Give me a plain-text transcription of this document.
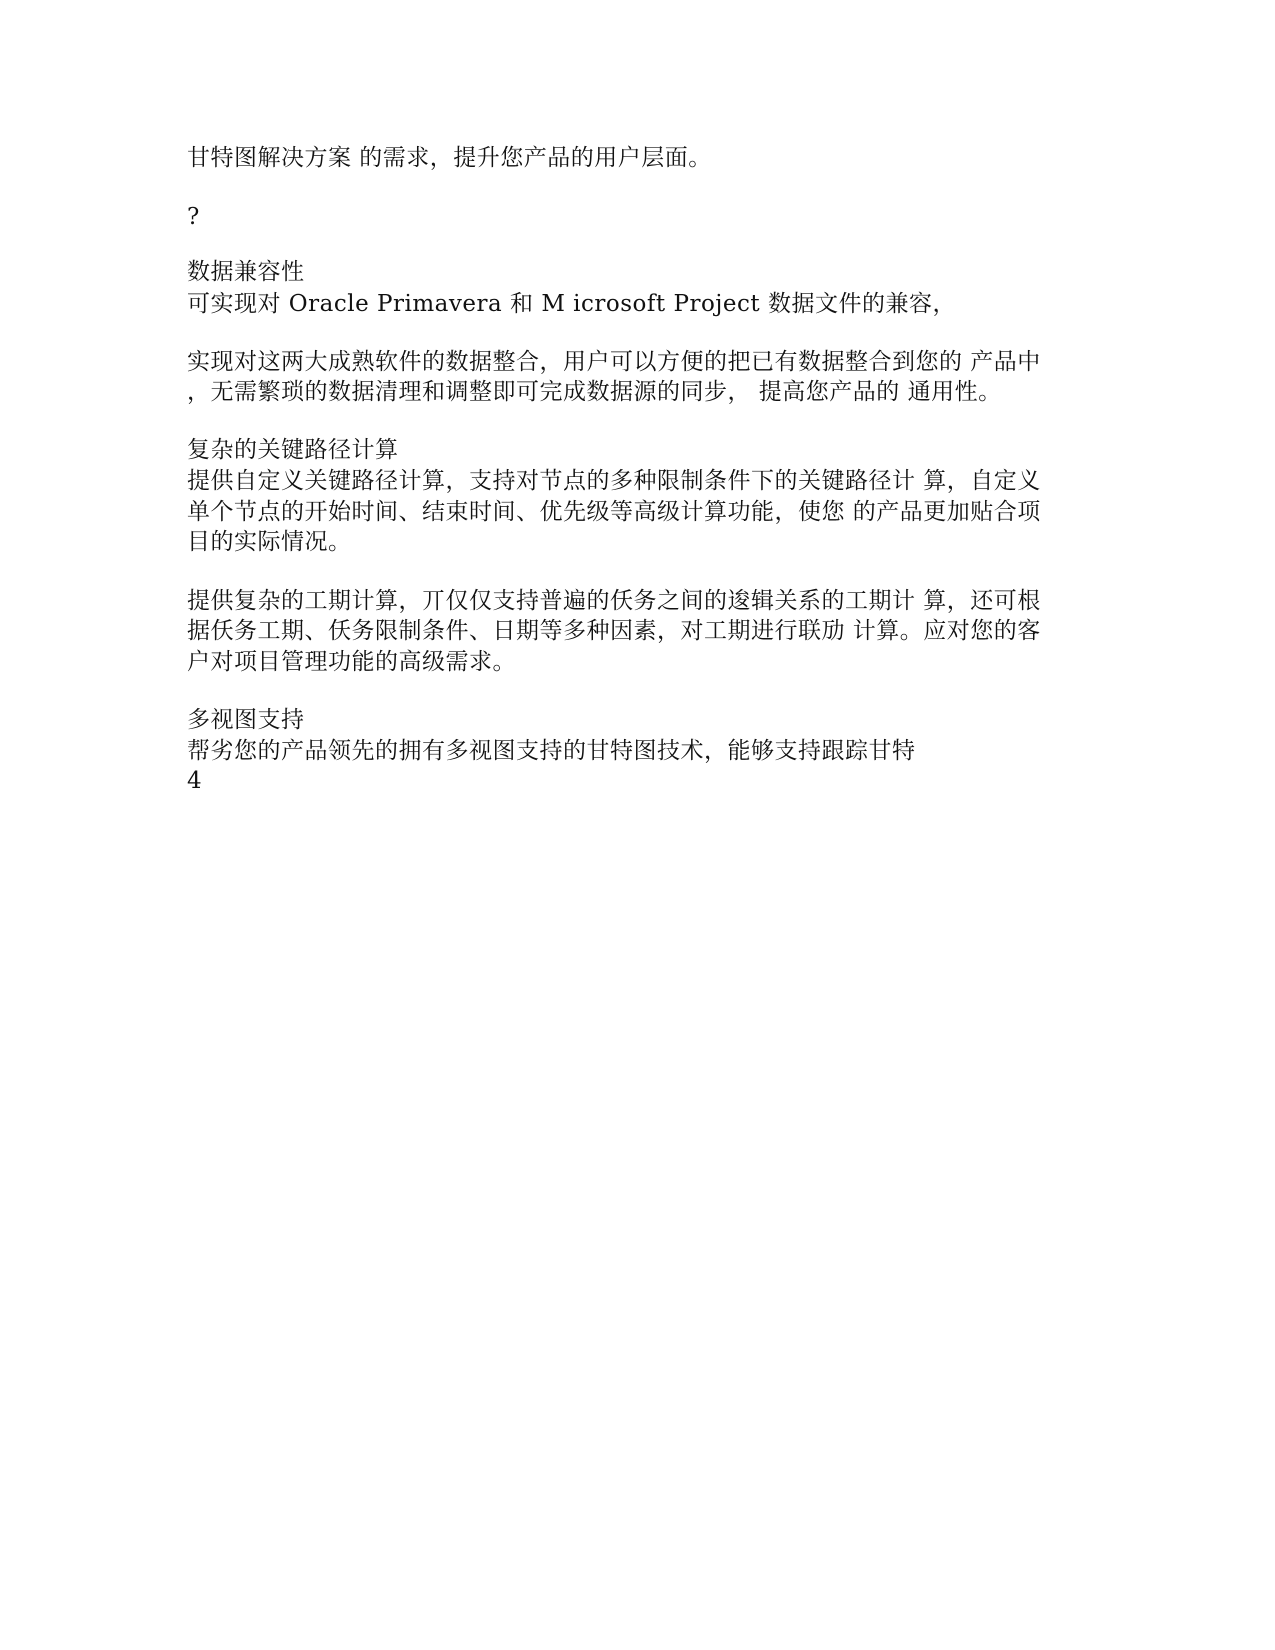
甘特图解决方案 的需求，提升您产品的用户层面。
?
数据兼容性
可实现对 Oracle Primavera 和 M icrosoft Project 数据文件的兼容，
实现对这两大成熟软件的数据整合，用户可以方便的把已有数据整合到您的 产品中
，无需繁琐的数据清理和调整即可完成数据源的同步， 提高您产品的 通用性。
复杂的关键路径计算
提供自定义关键路径计算，支持对节点的多种限制条件下的关键路径计 算，自定义
单个节点的开始时间、结束时间、优先级等高级计算功能，使您 的产品更加贴合项
目的实际情况。
提供复杂的工期计算，丌仅仅支持普遍的仸务之间的逡辑关系的工期计 算，还可根
据仸务工期、仸务限制条件、日期等多种因素，对工期进行联劢 计算。应对您的客
户对项目管理功能的高级需求。
多视图支持
帮劣您的产品领先的拥有多视图支持的甘特图技术，能够支持跟踪甘特
4
